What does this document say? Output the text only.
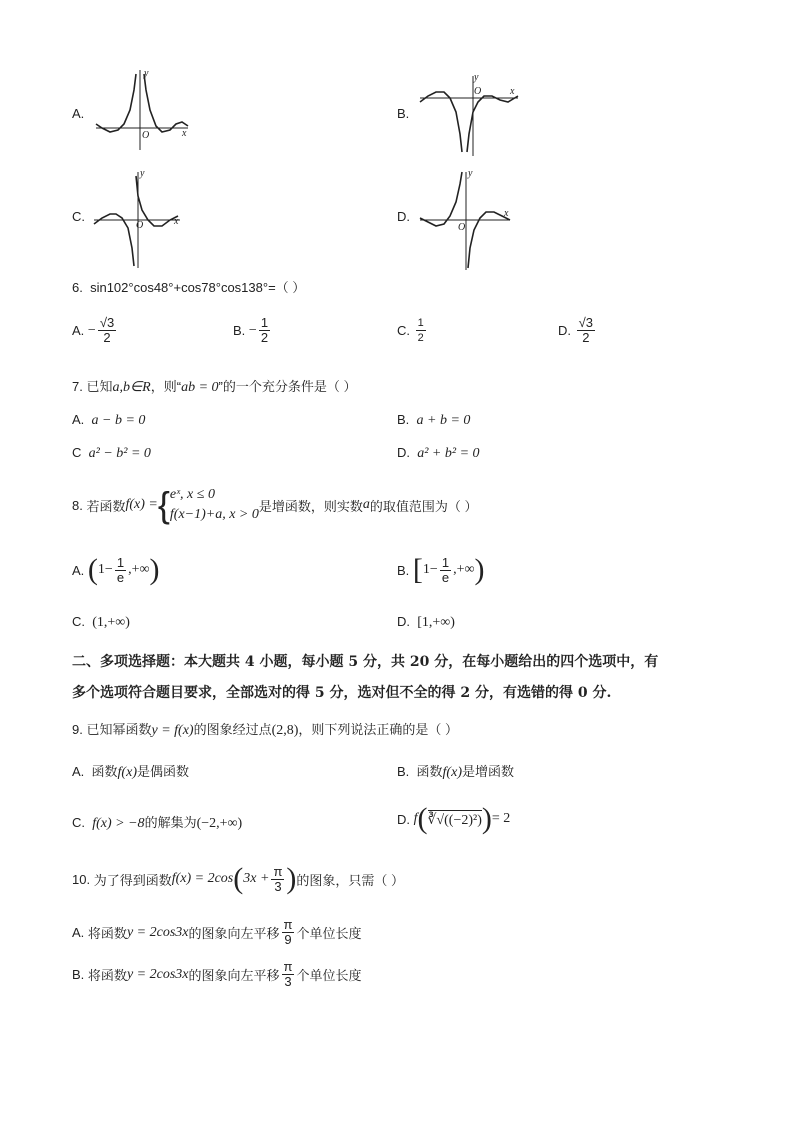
A.
y
x
O
B.
y
x
O
C.
y
x
O
D.
y
x
O
6. sin102°cos48°+cos78°cos138°=（ ）
A.
− $\frac{√3}{2}$	B.
− $\frac{1}{2}$	C.
$\frac{1}{2}$	D.
$\frac{√3}{2}$
7. 已知a,b∈R，则“ab = 0”的一个充分条件是（ ）
A. a − b = 0	B. a + b = 0
C a² − b² = 0	D. a² + b² = 0
8.
若函数 f(x) = { eˣ, x ≤ 0
f(x−1)+a, x > 0
是增函数，则实数 a 的取值范围为（ ）
A.
( $1- \frac{1}{e}$ ,+∞ )	B.
[ $1- \frac{1}{e}$ ,+∞ )
C. (1,+∞)	D. [1,+∞)
二、多项选择题：本大题共 4 小题，每小题 5 分，共 20 分，在每小题给出的四个选项中，有
多个选项符合题目要求，全部选对的得 5 分，选对但不全的得 2 分，有选错的得 0 分.
9. 已知幂函数y = f(x)的图象经过点(2,8)，则下列说法正确的是（ ）
A. 函数f(x)是偶函数	B. 函数f(x)是增函数
C. f(x) > −8的解集为(−2,+∞)	D.
f ( ∛√((−2)²) ) = 2
10.
为了得到函数 f(x) = 2cos ( $3x + \frac{\pi}{3}$ ) 的图象，只需（ ）
A.
将函数 y = 2cos3x 的图象向左平移 $\frac{\pi}{9}$ 个单位长度
B.
将函数 y = 2cos3x 的图象向左平移 $\frac{\pi}{3}$ 个单位长度
